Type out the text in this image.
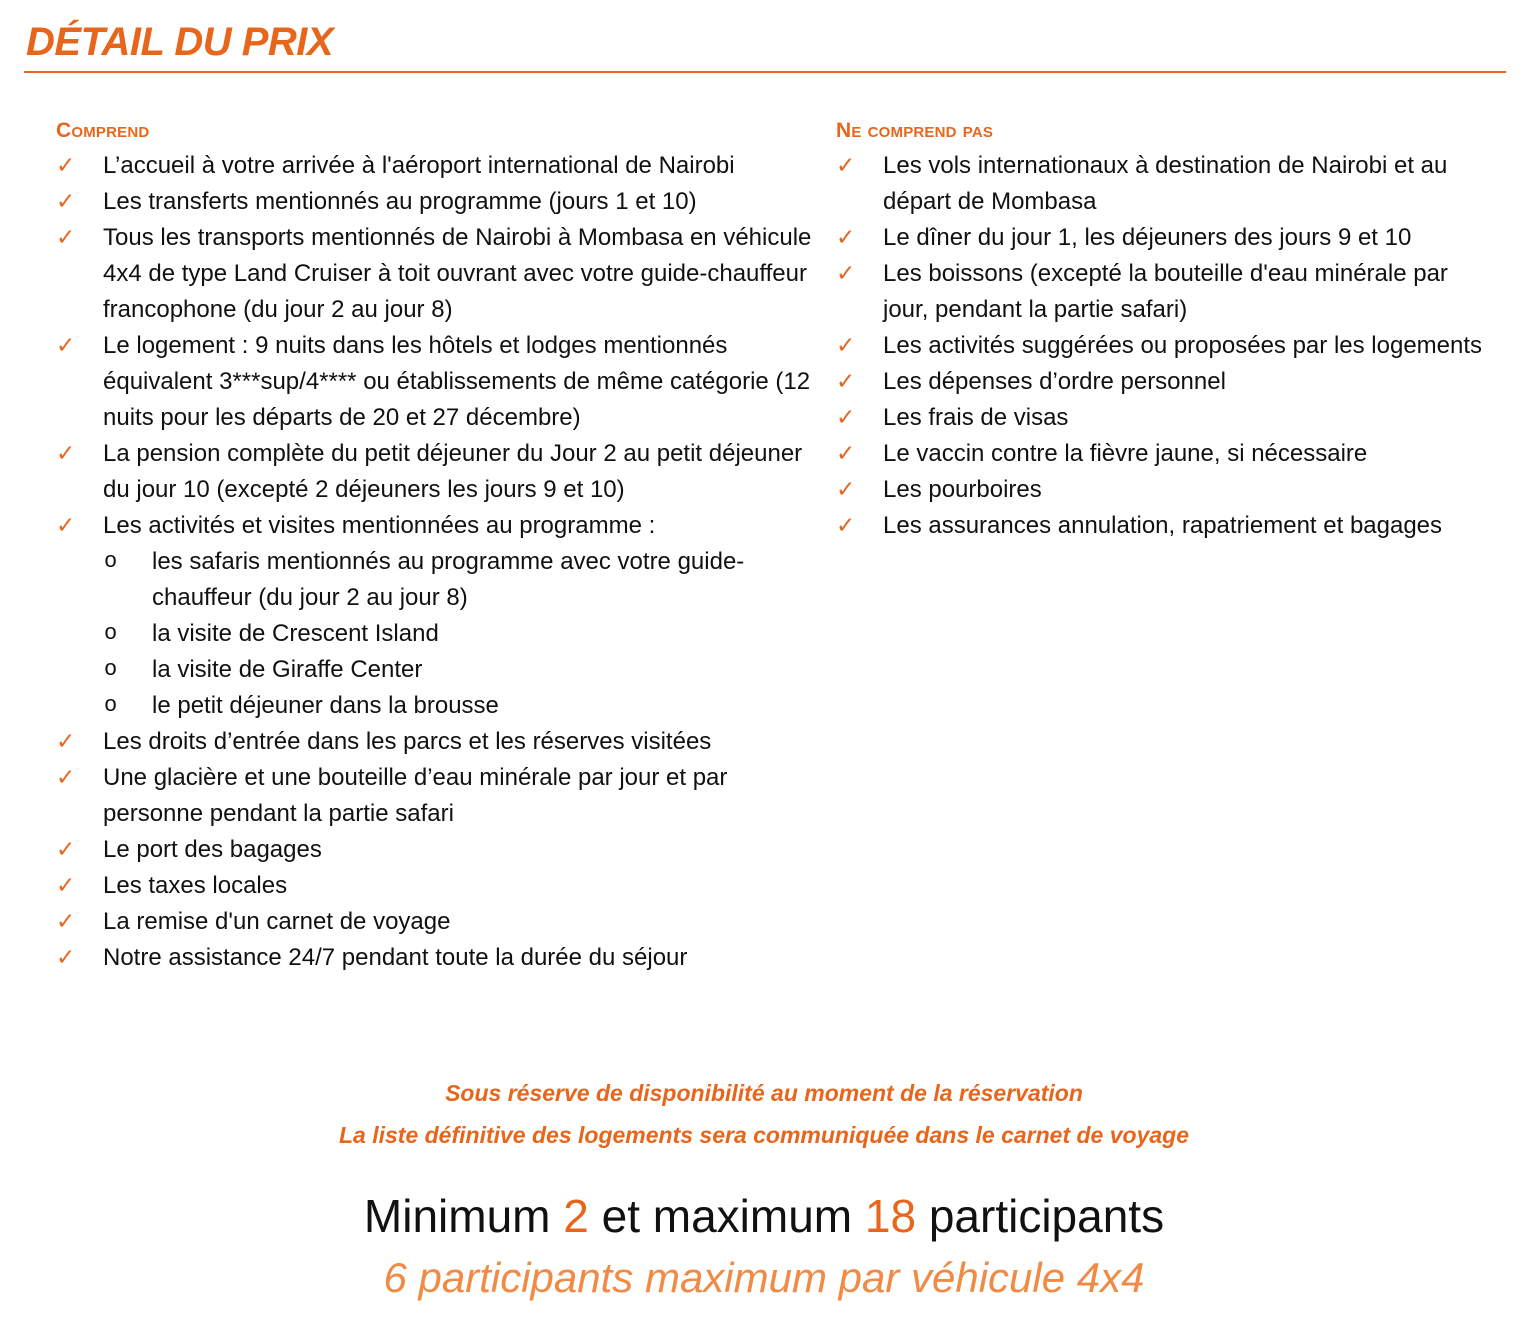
DÉTAIL DU PRIX
Comprend
✓	L’accueil à votre arrivée à l'aéroport international de Nairobi
✓	Les transferts mentionnés au programme (jours 1 et 10)
✓	Tous les transports mentionnés de Nairobi à Mombasa en véhicule 4x4 de type Land Cruiser à toit ouvrant avec votre guide-chauffeur francophone (du jour 2 au jour 8)
✓	Le logement : 9 nuits dans les hôtels et lodges mentionnés équivalent 3***sup/4**** ou établissements de même catégorie (12 nuits pour les départs de 20 et 27 décembre)
✓	La pension complète du petit déjeuner du Jour 2 au petit déjeuner du jour 10 (excepté 2 déjeuners les jours 9 et 10)
✓	Les activités et visites mentionnées au programme :
o les safaris mentionnés au programme avec votre guide-chauffeur (du jour 2 au jour 8)
o la visite de Crescent Island
o la visite de Giraffe Center
o le petit déjeuner dans la brousse
✓	Les droits d’entrée dans les parcs et les réserves visitées
✓	Une glacière et une bouteille d’eau minérale par jour et par personne pendant la partie safari
✓	Le port des bagages
✓	Les taxes locales
✓	La remise d'un carnet de voyage
✓	Notre assistance 24/7 pendant toute la durée du séjour
Ne comprend pas
✓	Les vols internationaux à destination de Nairobi et au départ de Mombasa
✓	Le dîner du jour 1, les déjeuners des jours 9 et 10
✓	Les boissons (excepté la bouteille d'eau minérale par jour, pendant la partie safari)
✓	Les activités suggérées ou proposées par les logements
✓	Les dépenses d’ordre personnel
✓	Les frais de visas
✓	Le vaccin contre la fièvre jaune, si nécessaire
✓	Les pourboires
✓	Les assurances annulation, rapatriement et bagages
Sous réserve de disponibilité au moment de la réservation
La liste définitive des logements sera communiquée dans le carnet de voyage
Minimum 2 et maximum 18 participants
6 participants maximum par véhicule 4x4
